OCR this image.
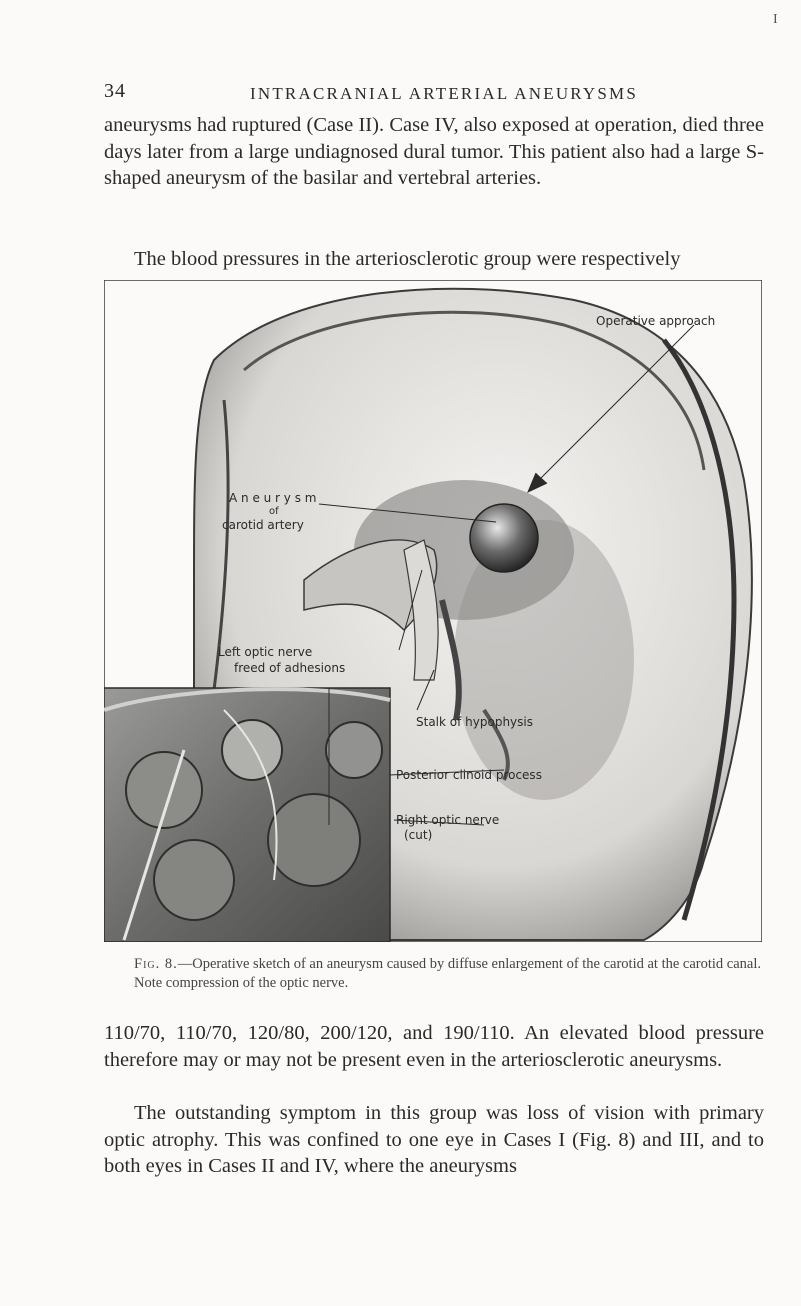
I
34	INTRACRANIAL ARTERIAL ANEURYSMS

aneurysms had ruptured (Case II). Case IV, also exposed at operation, died three days later from a large undiagnosed dural tumor. This patient also had a large S-shaped aneurysm of the basilar and vertebral arteries.

The blood pressures in the arteriosclerotic group were respectively

Operative approach
A n e u r y s m
of
carotid artery
Left optic nerve
freed of adhesions
Stalk of hypophysis
Posterior clinoid process
Right optic nerve
(cut)

Fig. 8.—Operative sketch of an aneurysm caused by diffuse enlargement of the carotid at the carotid canal. Note compression of the optic nerve.

110/70, 110/70, 120/80, 200/120, and 190/110. An elevated blood pressure therefore may or may not be present even in the arteriosclerotic aneurysms.

The outstanding symptom in this group was loss of vision with primary optic atrophy. This was confined to one eye in Cases I (Fig. 8) and III, and to both eyes in Cases II and IV, where the aneurysms
